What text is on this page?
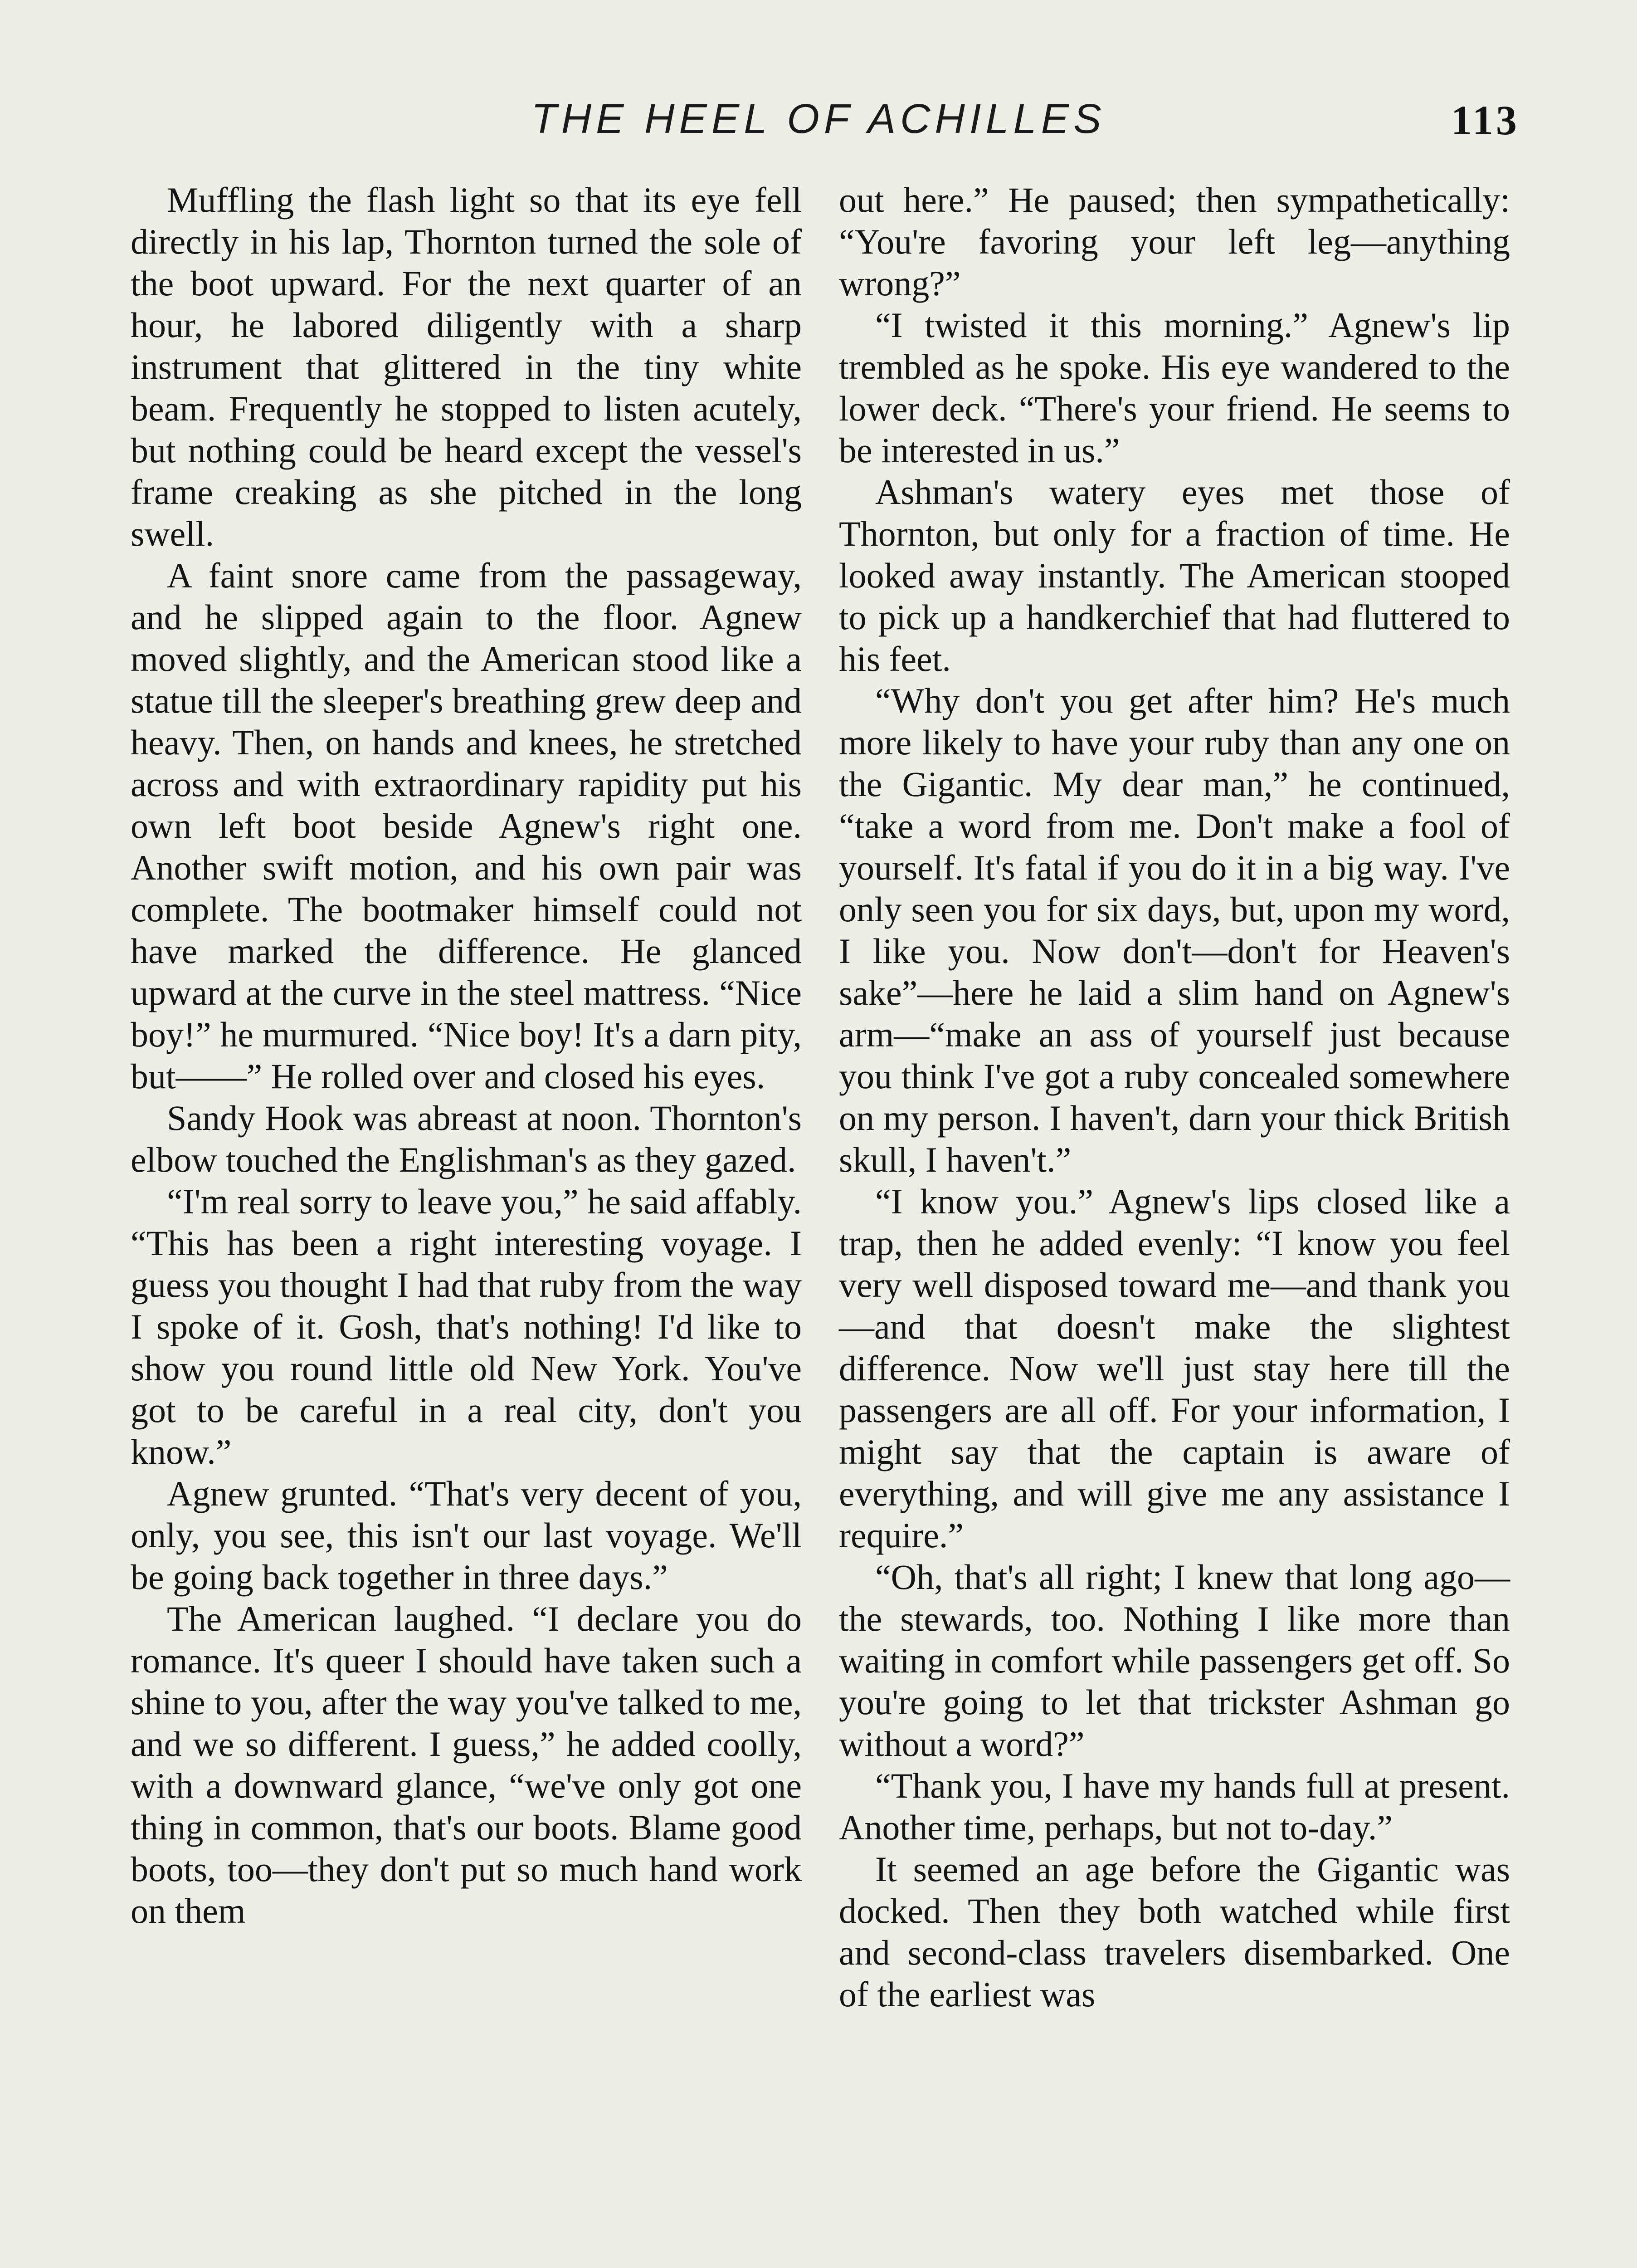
THE HEEL OF ACHILLES	113

Muffling the flash light so that its eye fell directly in his lap, Thornton turned the sole of the boot upward. For the next quarter of an hour, he labored diligently with a sharp instrument that glittered in the tiny white beam. Frequently he stopped to listen acutely, but nothing could be heard except the vessel's frame creaking as she pitched in the long swell.

A faint snore came from the passageway, and he slipped again to the floor. Agnew moved slightly, and the American stood like a statue till the sleeper's breathing grew deep and heavy. Then, on hands and knees, he stretched across and with extraordinary rapidity put his own left boot beside Agnew's right one. Another swift motion, and his own pair was complete. The bootmaker himself could not have marked the difference. He glanced upward at the curve in the steel mattress. “Nice boy!” he murmured. “Nice boy! It's a darn pity, but——” He rolled over and closed his eyes.

Sandy Hook was abreast at noon. Thornton's elbow touched the Englishman's as they gazed.

“I'm real sorry to leave you,” he said affably. “This has been a right interesting voyage. I guess you thought I had that ruby from the way I spoke of it. Gosh, that's nothing! I'd like to show you round little old New York. You've got to be careful in a real city, don't you know.”

Agnew grunted. “That's very decent of you, only, you see, this isn't our last voyage. We'll be going back together in three days.”

The American laughed. “I declare you do romance. It's queer I should have taken such a shine to you, after the way you've talked to me, and we so different. I guess,” he added coolly, with a downward glance, “we've only got one thing in common, that's our boots. Blame good boots, too—they don't put so much hand work on them

out here.” He paused; then sympathetically: “You're favoring your left leg—anything wrong?”

“I twisted it this morning.” Agnew's lip trembled as he spoke. His eye wandered to the lower deck. “There's your friend. He seems to be interested in us.”

Ashman's watery eyes met those of Thornton, but only for a fraction of time. He looked away instantly. The American stooped to pick up a handkerchief that had fluttered to his feet.

“Why don't you get after him? He's much more likely to have your ruby than any one on the Gigantic. My dear man,” he continued, “take a word from me. Don't make a fool of yourself. It's fatal if you do it in a big way. I've only seen you for six days, but, upon my word, I like you. Now don't—don't for Heaven's sake”—here he laid a slim hand on Agnew's arm—“make an ass of yourself just because you think I've got a ruby concealed somewhere on my person. I haven't, darn your thick British skull, I haven't.”

“I know you.” Agnew's lips closed like a trap, then he added evenly: “I know you feel very well disposed toward me—and thank you—and that doesn't make the slightest difference. Now we'll just stay here till the passengers are all off. For your information, I might say that the captain is aware of everything, and will give me any assistance I require.”

“Oh, that's all right; I knew that long ago—the stewards, too. Nothing I like more than waiting in comfort while passengers get off. So you're going to let that trickster Ashman go without a word?”

“Thank you, I have my hands full at present. Another time, perhaps, but not to-day.”

It seemed an age before the Gigantic was docked. Then they both watched while first and second-class travelers disembarked. One of the earliest was
